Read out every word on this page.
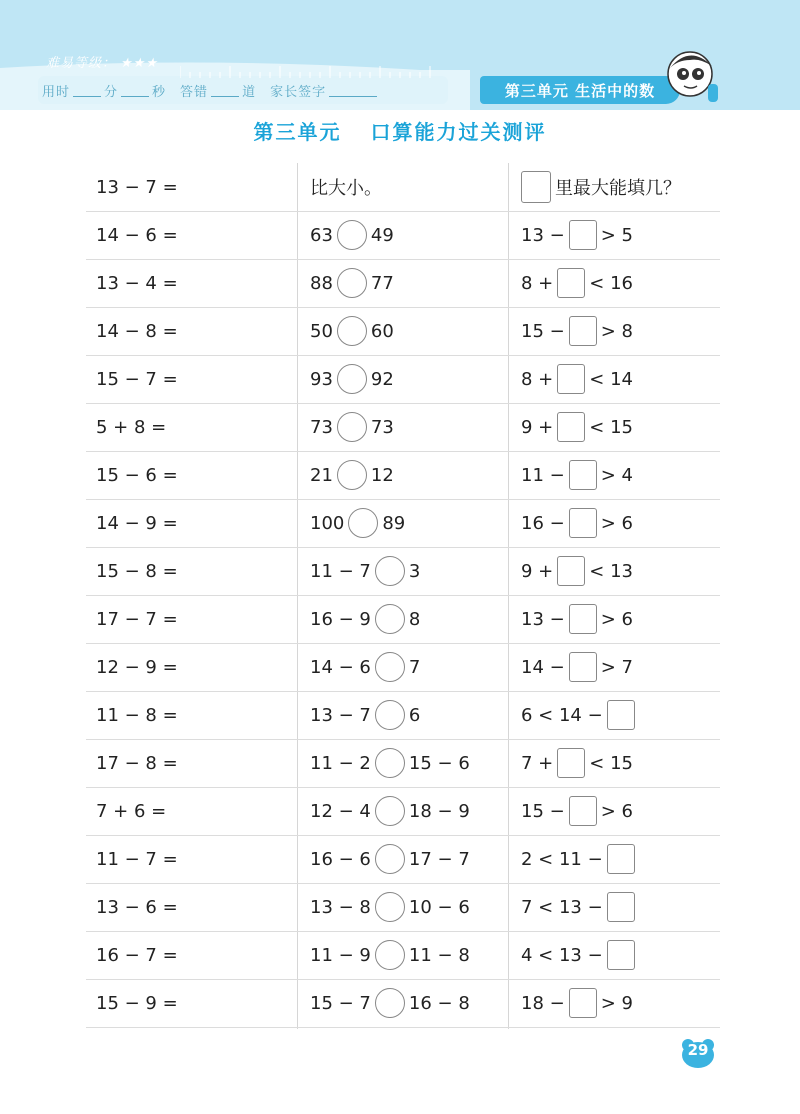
难易等级： ★★★
用时	分	秒 答错	道 家长签字	第三单元 生活中的数
第三单元 口算能力过关测评
13 − 7 =	比大小。	里最大能填几？
14 − 6 =	63 49	13 − > 5
13 − 4 =	88 77	8 + < 16
14 − 8 =	50 60	15 − > 8
15 − 7 =	93 92	8 + < 14
5 + 8 =	73 73	9 + < 15
15 − 6 =	21 12	11 − > 4
14 − 9 =	100 89	16 − > 6
15 − 8 =	11 − 7 3	9 + < 13
17 − 7 =	16 − 9 8	13 − > 6
12 − 9 =	14 − 6 7	14 − > 7
11 − 8 =	13 − 7 6	6 < 14 −
17 − 8 =	11 − 2 15 − 6	7 + < 15
7 + 6 =	12 − 4 18 − 9	15 − > 6
11 − 7 =	16 − 6 17 − 7	2 < 11 −
13 − 6 =	13 − 8 10 − 6	7 < 13 −
16 − 7 =	11 − 9 11 − 8	4 < 13 −
15 − 9 =	15 − 7 16 − 8	18 − > 9
29
